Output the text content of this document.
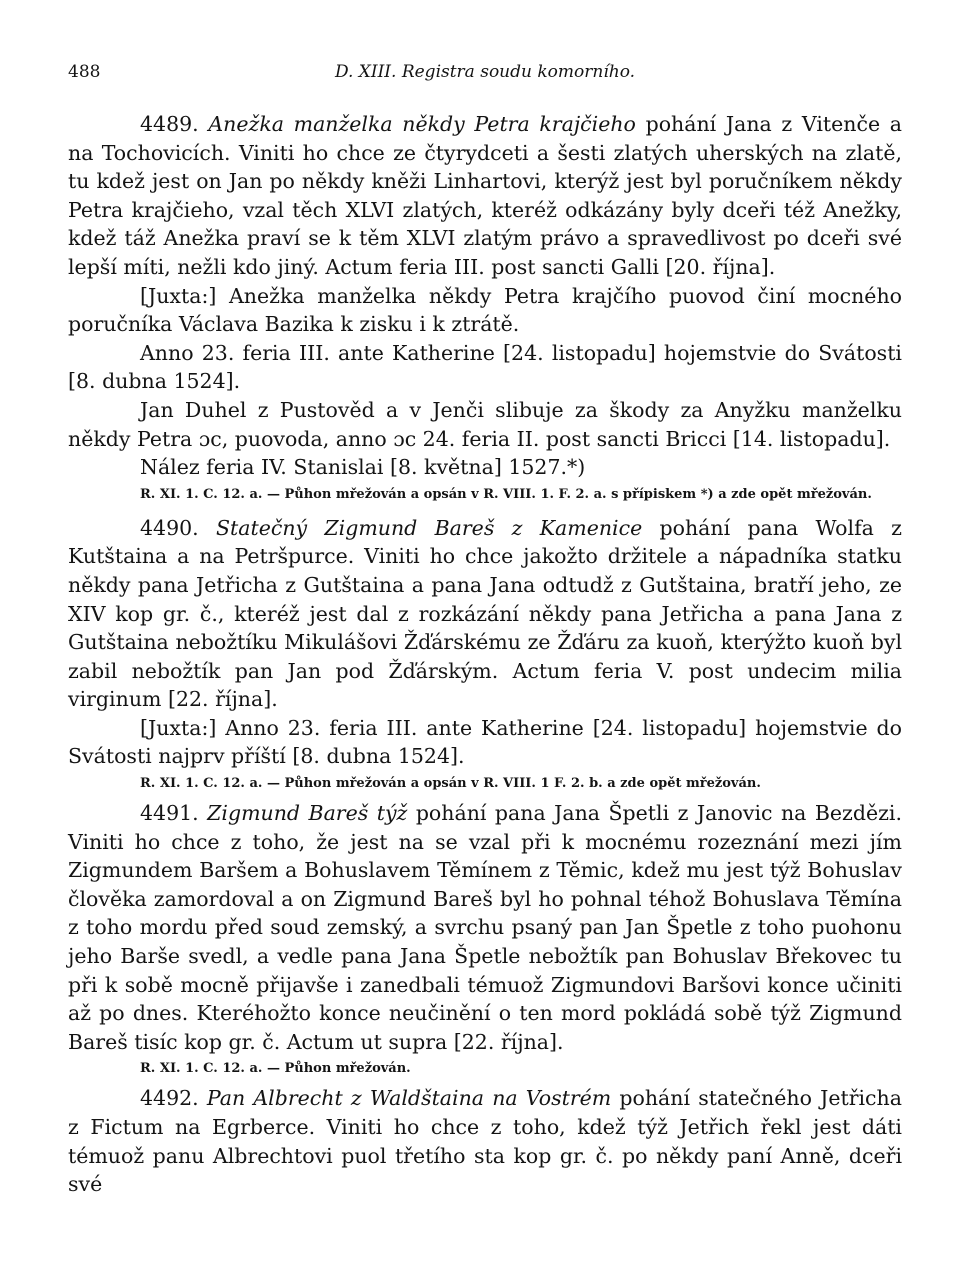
488	D. XIII. Registra soudu komorního.

4489. Anežka manželka někdy Petra krajčieho pohání Jana z Vitenče a na Tochovicích. Viniti ho chce ze čtyrydceti a šesti zlatých uherských na zlatě, tu kdež jest on Jan po někdy kněži Linhartovi, kterýž jest byl poručníkem někdy Petra krajčieho, vzal těch XLVI zlatých, kteréž odkázány byly dceři též Anežky, kdež táž Anežka praví se k těm XLVI zlatým právo a spravedlivost po dceři své lepší míti, nežli kdo jiný. Actum feria III. post sancti Galli [20. října].

[Juxta:] Anežka manželka někdy Petra krajčího puovod činí mocného poručníka Václava Bazika k zisku i k ztrátě.

Anno 23. feria III. ante Katherine [24. listopadu] hojemstvie do Svátosti [8. dubna 1524].

Jan Duhel z Pustověd a v Jenči slibuje za škody za Anyžku manželku někdy Petra ɔc, puovoda, anno ɔc 24. feria II. post sancti Bricci [14. listopadu].

Nález feria IV. Stanislai [8. května] 1527.*)

R. XI. 1. C. 12. a. — Půhon mřežován a opsán v R. VIII. 1. F. 2. a. s přípiskem *) a zde opět mřežován.

4490. Statečný Zigmund Bareš z Kamenice pohání pana Wolfa z Kutštaina a na Petršpurce. Viniti ho chce jakožto držitele a nápadníka statku někdy pana Jetřicha z Gutštaina a pana Jana odtudž z Gutštaina, bratří jeho, ze XIV kop gr. č., kteréž jest dal z rozkázání někdy pana Jetřicha a pana Jana z Gutštaina nebožtíku Mikulášovi Žďárskému ze Žďáru za kuoň, kterýžto kuoň byl zabil nebožtík pan Jan pod Žďárským. Actum feria V. post undecim milia virginum [22. října].

[Juxta:] Anno 23. feria III. ante Katherine [24. listopadu] hojemstvie do Svátosti najprv příští [8. dubna 1524].

R. XI. 1. C. 12. a. — Půhon mřežován a opsán v R. VIII. 1 F. 2. b. a zde opět mřežován.

4491. Zigmund Bareš týž pohání pana Jana Špetli z Janovic na Bezdězi. Viniti ho chce z toho, že jest na se vzal při k mocnému rozeznání mezi jím Zigmundem Baršem a Bohuslavem Těmínem z Těmic, kdež mu jest týž Bohuslav člověka zamordoval a on Zigmund Bareš byl ho pohnal téhož Bohuslava Těmína z toho mordu před soud zemský, a svrchu psaný pan Jan Špetle z toho puohonu jeho Barše svedl, a vedle pana Jana Špetle nebožtík pan Bohuslav Břekovec tu při k sobě mocně přijavše i zanedbali témuož Zigmundovi Baršovi konce učiniti až po dnes. Kteréhožto konce neučinění o ten mord pokládá sobě týž Zigmund Bareš tisíc kop gr. č. Actum ut supra [22. října].

R. XI. 1. C. 12. a. — Půhon mřežován.

4492. Pan Albrecht z Waldštaina na Vostrém pohání statečného Jetřicha z Fictum na Egrberce. Viniti ho chce z toho, kdež týž Jetřich řekl jest dáti témuož panu Albrechtovi puol třetího sta kop gr. č. po někdy paní Anně, dceři své
